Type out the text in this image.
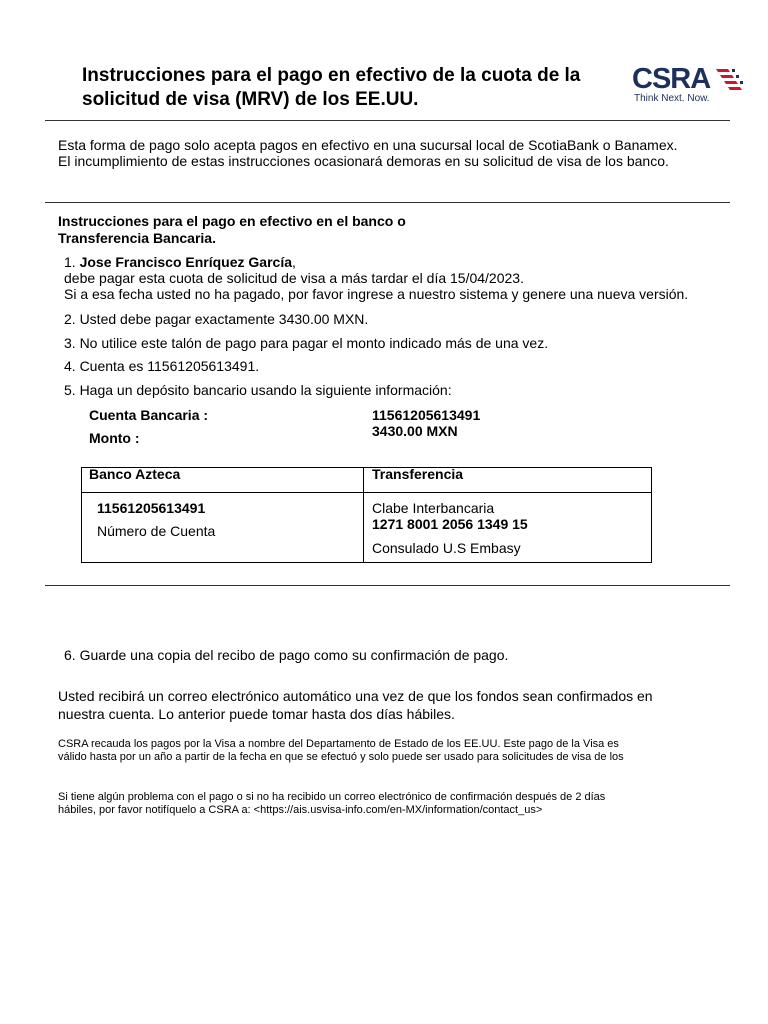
Instrucciones para el pago en efectivo de la cuota de la
solicitud de visa (MRV) de los EE.UU.
CSRA
Think Next. Now.
Esta forma de pago solo acepta pagos en efectivo en una sucursal local de ScotiaBank o Banamex.
El incumplimiento de estas instrucciones ocasionará demoras en su solicitud de visa de los banco.
Instrucciones para el pago en efectivo en el banco o
Transferencia Bancaria.
1. Jose Francisco Enríquez García,
debe pagar esta cuota de solicitud de visa a más tardar el día 15/04/2023.
Si a esa fecha usted no ha pagado, por favor ingrese a nuestro sistema y genere una nueva versión.
2. Usted debe pagar exactamente 3430.00 MXN.
3. No utilice este talón de pago para pagar el monto indicado más de una vez.
4. Cuenta es 11561205613491.
5. Haga un depósito bancario usando la siguiente información:
Cuenta Bancaria :
Monto :
11561205613491
3430.00 MXN
Banco Azteca	Transferencia
11561205613491
Número de Cuenta
Clabe Interbancaria
1271 8001 2056 1349 15
Consulado U.S Embasy
6. Guarde una copia del recibo de pago como su confirmación de pago.
Usted recibirá un correo electrónico automático una vez de que los fondos sean confirmados en
nuestra cuenta. Lo anterior puede tomar hasta dos días hábiles.
CSRA recauda los pagos por la Visa a nombre del Departamento de Estado de los EE.UU. Este pago de la Visa es
válido hasta por un año a partir de la fecha en que se efectuó y solo puede ser usado para solicitudes de visa de los
Si tiene algún problema con el pago o si no ha recibido un correo electrónico de confirmación después de 2 días
hábiles, por favor notifíquelo a CSRA a: <https://ais.usvisa-info.com/en-MX/information/contact_us>
